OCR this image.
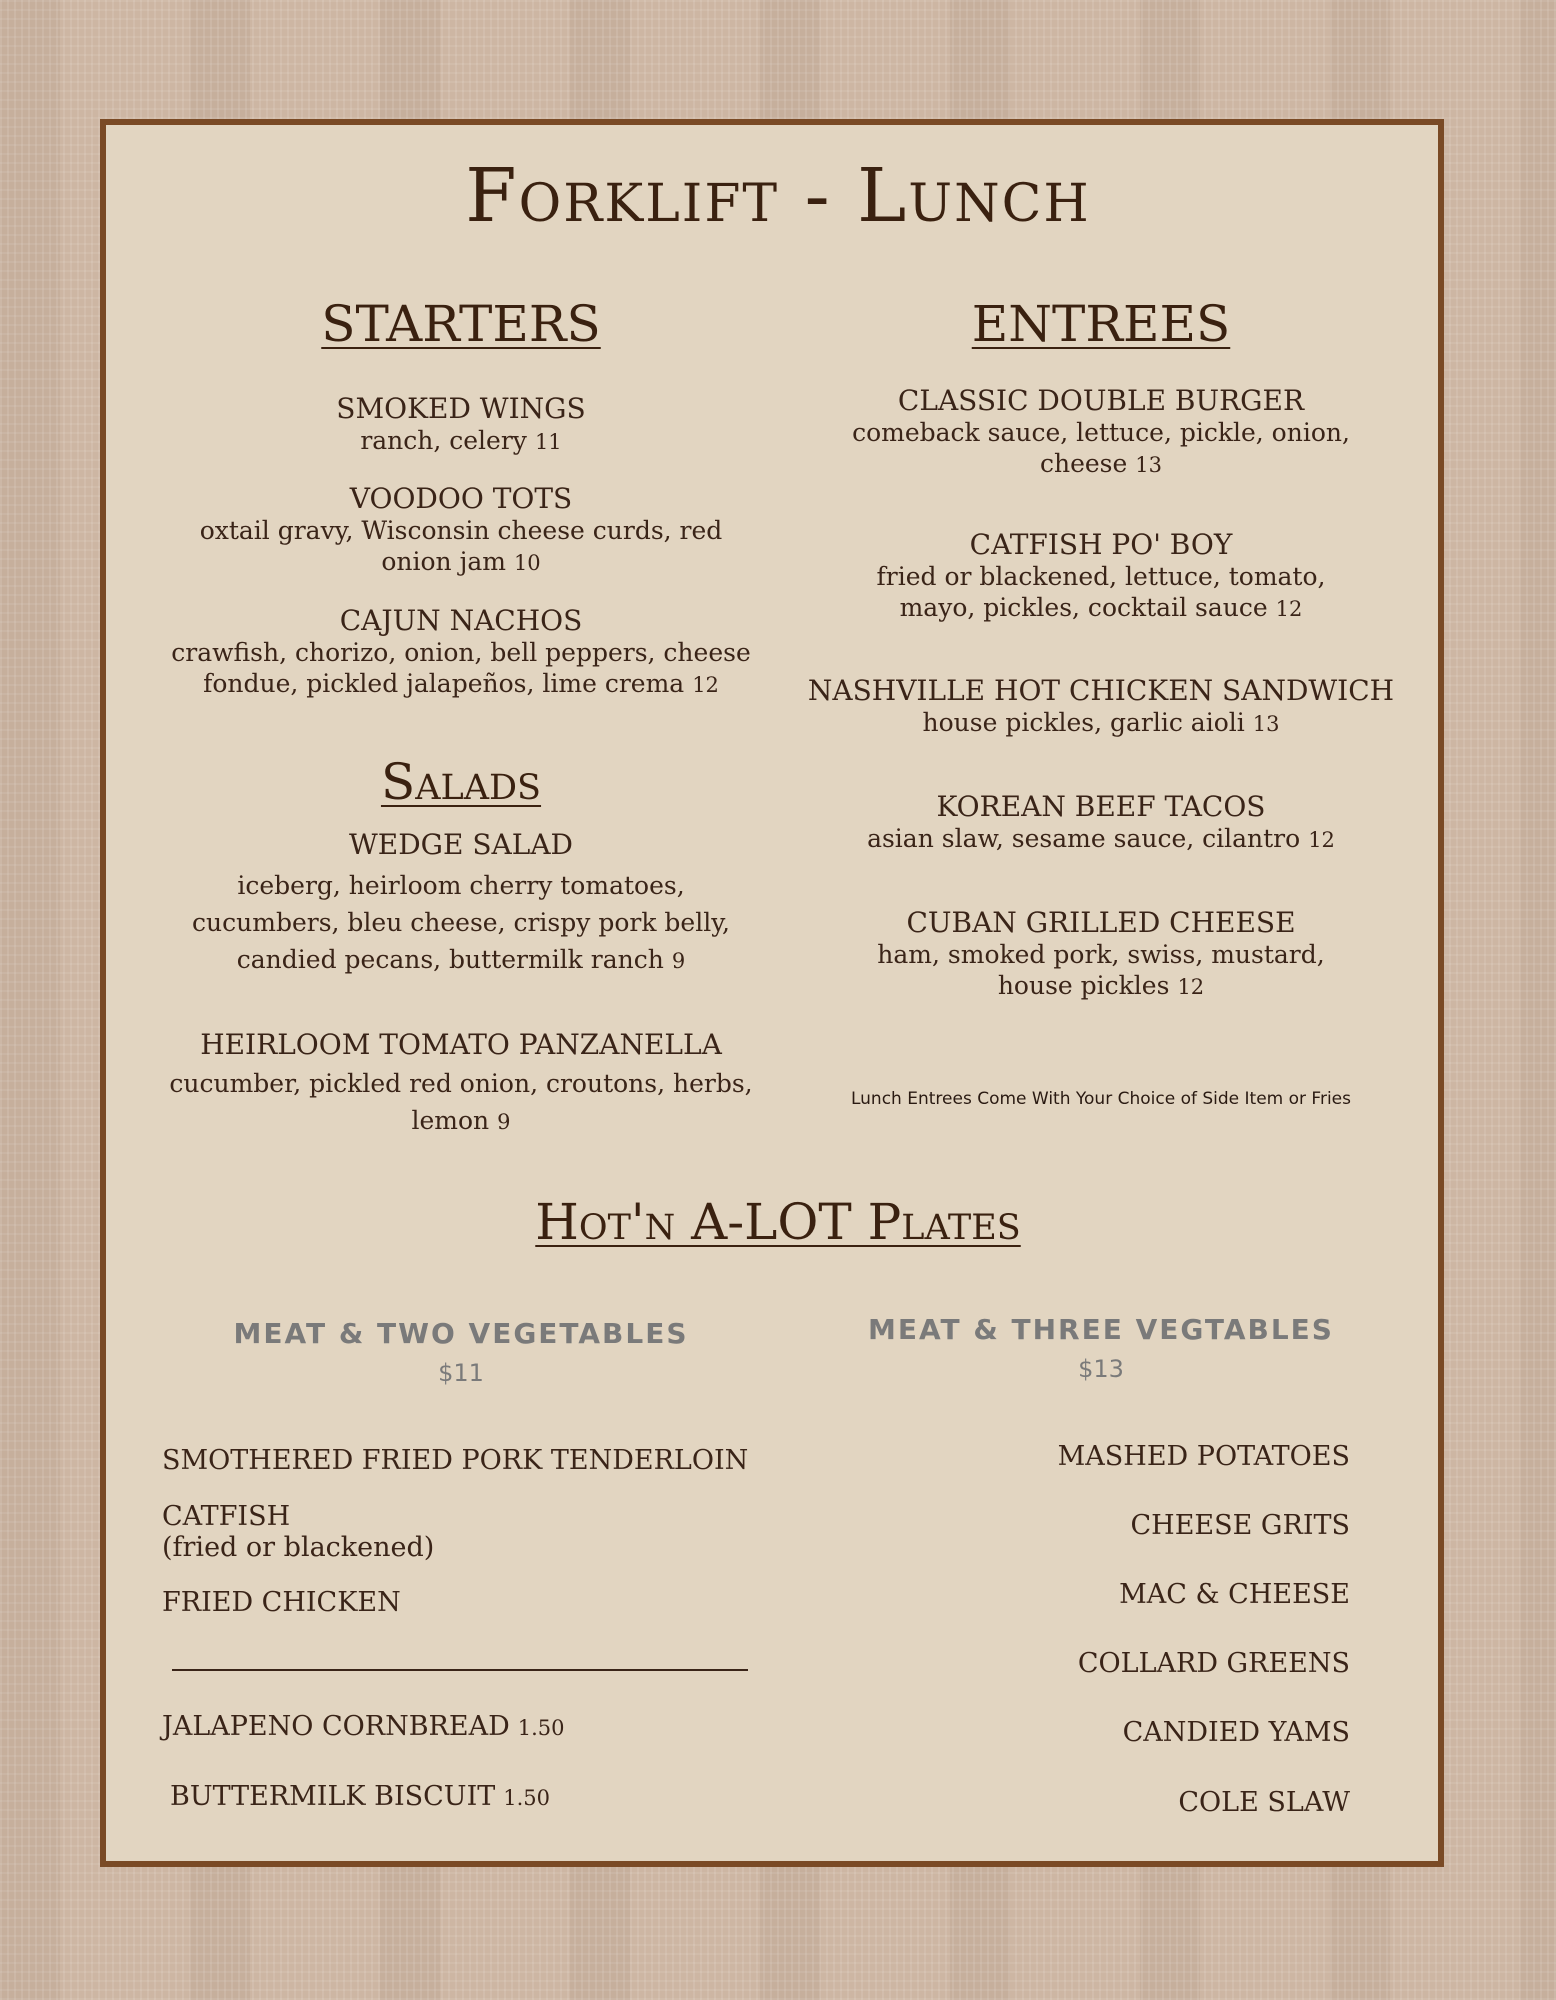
Forklift - Lunch
STARTERS
SMOKED WINGS
ranch, celery 11
VOODOO TOTS
oxtail gravy, Wisconsin cheese curds, red onion jam 10
CAJUN NACHOS
crawfish, chorizo, onion, bell peppers, cheese fondue, pickled jalapeños, lime crema 12
Salads
WEDGE SALAD
iceberg, heirloom cherry tomatoes, cucumbers, bleu cheese, crispy pork belly, candied pecans, buttermilk ranch 9
HEIRLOOM TOMATO PANZANELLA
cucumber, pickled red onion, croutons, herbs, lemon 9
ENTREES
CLASSIC DOUBLE BURGER
comeback sauce, lettuce, pickle, onion, cheese 13
CATFISH PO' BOY
fried or blackened, lettuce, tomato, mayo, pickles, cocktail sauce 12
NASHVILLE HOT CHICKEN SANDWICH
house pickles, garlic aioli 13
KOREAN BEEF TACOS
asian slaw, sesame sauce, cilantro 12
CUBAN GRILLED CHEESE
ham, smoked pork, swiss, mustard, house pickles 12
Lunch Entrees Come With Your Choice of Side Item or Fries
Hot'n A-LOT Plates
MEAT & TWO VEGETABLES
$11
MEAT & THREE VEGTABLES
$13
SMOTHERED FRIED PORK TENDERLOIN
CATFISH
(fried or blackened)
FRIED CHICKEN
JALAPENO CORNBREAD 1.50
BUTTERMILK BISCUIT 1.50
MASHED POTATOES
CHEESE GRITS
MAC & CHEESE
COLLARD GREENS
CANDIED YAMS
COLE SLAW
